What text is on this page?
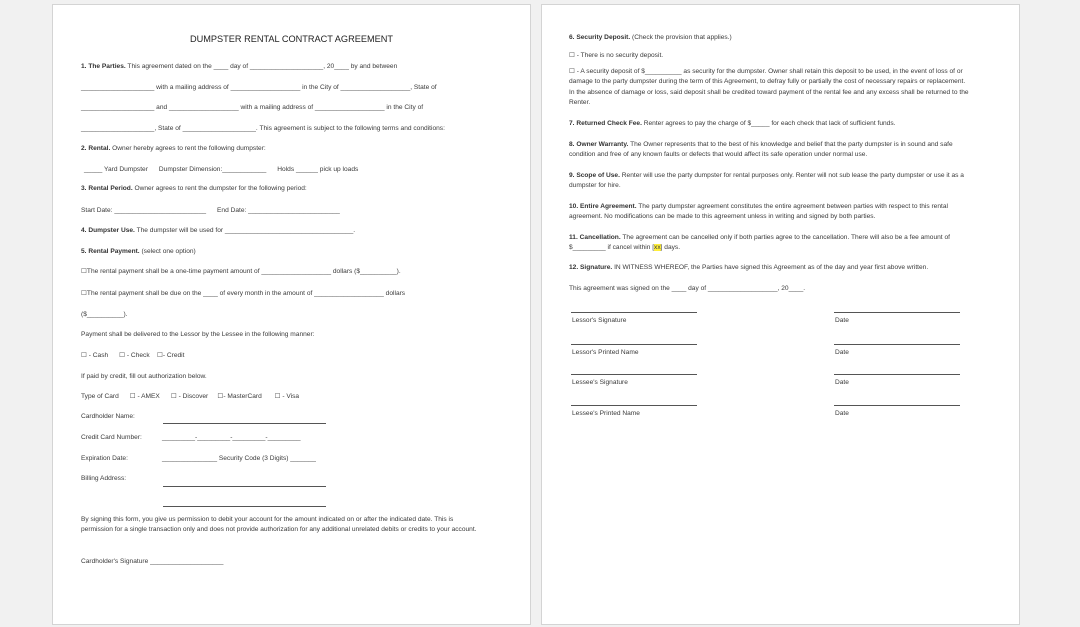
DUMPSTER RENTAL CONTRACT AGREEMENT
1. The Parties. This agreement dated on the ____ day of ____________________, 20____ by and between
____________________ with a mailing address of ___________________ in the City of ___________________, State of
____________________ and ___________________ with a mailing address of ___________________ in the City of
____________________, State of ____________________. This agreement is subject to the following terms and conditions:
2. Rental. Owner hereby agrees to rent the following dumpster:
_____ Yard Dumpster      Dumpster Dimension:____________      Holds ______ pick up loads
3. Rental Period. Owner agrees to rent the dumpster for the following period:
Start Date: _________________________      End Date: _________________________
4. Dumpster Use. The dumpster will be used for ___________________________________.
5. Rental Payment. (select one option)
☐The rental payment shall be a one-time payment amount of ___________________ dollars ($__________).
☐The rental payment shall be due on the ____ of every month in the amount of ___________________ dollars
($__________).
Payment shall be delivered to the Lessor by the Lessee in the following manner:
☐ - Cash      ☐ - Check    ☐- Credit
If paid by credit, fill out authorization below.
Type of Card      ☐ - AMEX      ☐ - Discover     ☐- MasterCard       ☐ - Visa
Cardholder Name:
Credit Card Number:	_________-_________-_________-_________
Expiration Date:	_______________ Security Code (3 Digits) _______
Billing Address:
By signing this form, you give us permission to debit your account for the amount indicated on or after the indicated date. This is permission for a single transaction only and does not provide authorization for any additional unrelated debits or credits to your account.
Cardholder's Signature ____________________
6. Security Deposit. (Check the provision that applies.)
☐ - There is no security deposit.
☐ - A security deposit of $__________ as security for the dumpster. Owner shall retain this deposit to be used, in the event of loss of or damage to the party dumpster during the term of this Agreement, to defray fully or partially the cost of necessary repairs or replacement. In the absence of damage or loss, said deposit shall be credited toward payment of the rental fee and any excess shall be returned to the Renter.
7. Returned Check Fee. Renter agrees to pay the charge of $_____ for each check that lack of sufficient funds.
8. Owner Warranty. The Owner represents that to the best of his knowledge and belief that the party dumpster is in sound and safe condition and free of any known faults or defects that would affect its safe operation under normal use.
9. Scope of Use. Renter will use the party dumpster for rental purposes only. Renter will not sub lease the party dumpster or use it as a dumpster for hire.
10. Entire Agreement. The party dumpster agreement constitutes the entire agreement between parties with respect to this rental agreement. No modifications can be made to this agreement unless in writing and signed by both parties.
11. Cancellation. The agreement can be cancelled only if both parties agree to the cancellation. There will also be a fee amount of $_________ if cancel within [xx] days.
12. Signature. IN WITNESS WHEREOF, the Parties have signed this Agreement as of the day and year first above written.
This agreement was signed on the ____ day of ___________________, 20____.
Lessor's Signature	Date
Lessor's Printed Name	Date
Lessee's Signature	Date
Lessee's Printed Name	Date
